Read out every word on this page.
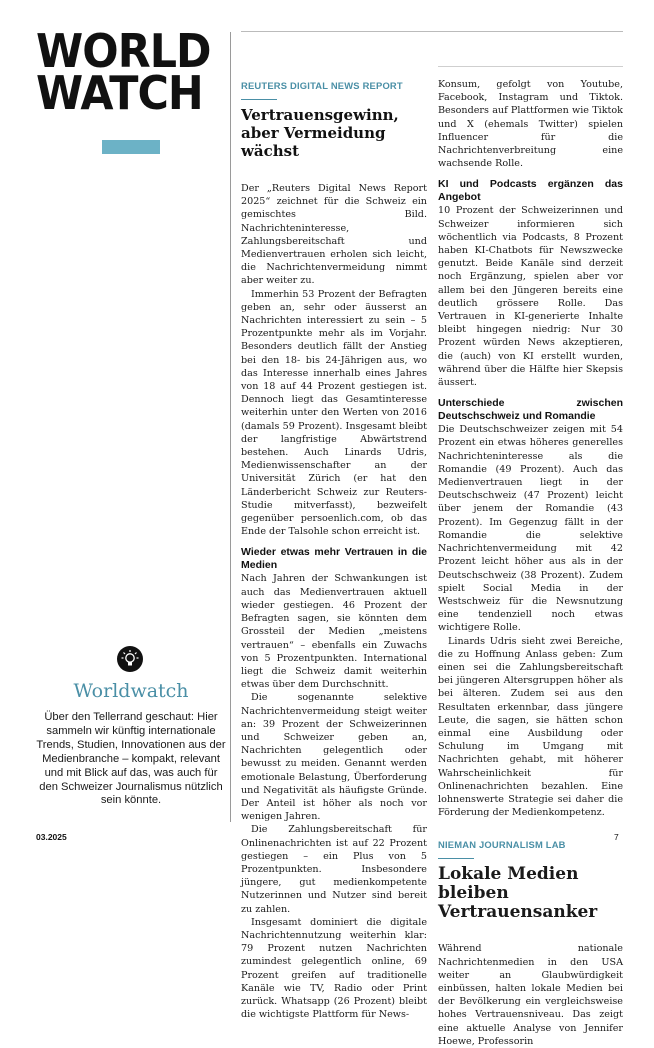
WORLD
WATCH

Worldwatch

Über den Tellerrand geschaut: Hier sammeln wir künftig internationale Trends, Studien, Innovationen aus der Medienbranche – kompakt, relevant und mit Blick auf das, was auch für den Schweizer Journalismus nützlich sein könnte.

REUTERS DIGITAL NEWS REPORT

Vertrauensgewinn, aber Vermeidung wächst

Der „Reuters Digital News Report 2025“ zeichnet für die Schweiz ein gemischtes Bild. Nachrichteninteresse, Zahlungsbereitschaft und Medienvertrauen erholen sich leicht, die Nachrichtenvermeidung nimmt aber weiter zu.

Immerhin 53 Prozent der Befragten geben an, sehr oder äusserst an Nachrichten interessiert zu sein – 5 Prozentpunkte mehr als im Vorjahr. Besonders deutlich fällt der Anstieg bei den 18- bis 24-Jährigen aus, wo das Interesse innerhalb eines Jahres von 18 auf 44 Prozent gestiegen ist. Dennoch liegt das Gesamtinteresse weiterhin unter den Werten von 2016 (damals 59 Prozent). Insgesamt bleibt der langfristige Abwärtstrend bestehen. Auch Linards Udris, Medienwissenschafter an der Universität Zürich (er hat den Länderbericht Schweiz zur Reuters-Studie mitverfasst), bezweifelt gegenüber persoenlich.com, ob das Ende der Talsohle schon erreicht ist.

Wieder etwas mehr Vertrauen in die Medien

Nach Jahren der Schwankungen ist auch das Medienvertrauen aktuell wieder gestiegen. 46 Prozent der Befragten sagen, sie könnten dem Grossteil der Medien „meistens vertrauen“ – ebenfalls ein Zuwachs von 5 Prozentpunkten. International liegt die Schweiz damit weiterhin etwas über dem Durchschnitt.

Die sogenannte selektive Nachrichtenvermeidung steigt weiter an: 39 Prozent der Schweizerinnen und Schweizer geben an, Nachrichten gelegentlich oder bewusst zu meiden. Genannt werden emotionale Belastung, Überforderung und Negativität als häufigste Gründe. Der Anteil ist höher als noch vor wenigen Jahren.

Die Zahlungsbereitschaft für Onlinenachrichten ist auf 22 Prozent gestiegen – ein Plus von 5 Prozentpunkten. Insbesondere jüngere, gut medienkompetente Nutzerinnen und Nutzer sind bereit zu zahlen.

Insgesamt dominiert die digitale Nachrichtennutzung weiterhin klar: 79 Prozent nutzen Nachrichten zumindest gelegentlich online, 69 Prozent greifen auf traditionelle Kanäle wie TV, Radio oder Print zurück. Whatsapp (26 Prozent) bleibt die wichtigste Plattform für News-

Konsum, gefolgt von Youtube, Facebook, Instagram und Tiktok. Besonders auf Plattformen wie Tiktok und X (ehemals Twitter) spielen Influencer für die Nachrichtenverbreitung eine wachsende Rolle.

KI und Podcasts ergänzen das Angebot

10 Prozent der Schweizerinnen und Schweizer informieren sich wöchentlich via Podcasts, 8 Prozent haben KI-Chatbots für Newszwecke genutzt. Beide Kanäle sind derzeit noch Ergänzung, spielen aber vor allem bei den Jüngeren bereits eine deutlich grössere Rolle. Das Vertrauen in KI-generierte Inhalte bleibt hingegen niedrig: Nur 30 Prozent würden News akzeptieren, die (auch) von KI erstellt wurden, während über die Hälfte hier Skepsis äussert.

Unterschiede zwischen Deutschschweiz und Romandie

Die Deutschschweizer zeigen mit 54 Prozent ein etwas höheres generelles Nachrichteninteresse als die Romandie (49 Prozent). Auch das Medienvertrauen liegt in der Deutschschweiz (47 Prozent) leicht über jenem der Romandie (43 Prozent). Im Gegenzug fällt in der Romandie die selektive Nachrichtenvermeidung mit 42 Prozent leicht höher aus als in der Deutschschweiz (38 Prozent). Zudem spielt Social Media in der Westschweiz für die Newsnutzung eine tendenziell noch etwas wichtigere Rolle.

Linards Udris sieht zwei Bereiche, die zu Hoffnung Anlass geben: Zum einen sei die Zahlungsbereitschaft bei jüngeren Altersgruppen höher als bei älteren. Zudem sei aus den Resultaten erkennbar, dass jüngere Leute, die sagen, sie hätten schon einmal eine Ausbildung oder Schulung im Umgang mit Nachrichten gehabt, mit höherer Wahrscheinlichkeit für Onlinenachrichten bezahlen. Eine lohnenswerte Strategie sei daher die Förderung der Medienkompetenz.

NIEMAN JOURNALISM LAB

Lokale Medien bleiben Vertrauensanker

Während nationale Nachrichtenmedien in den USA weiter an Glaubwürdigkeit einbüssen, halten lokale Medien bei der Bevölkerung ein vergleichsweise hohes Vertrauensniveau. Das zeigt eine aktuelle Analyse von Jennifer Hoewe, Professorin

03.2025	7
